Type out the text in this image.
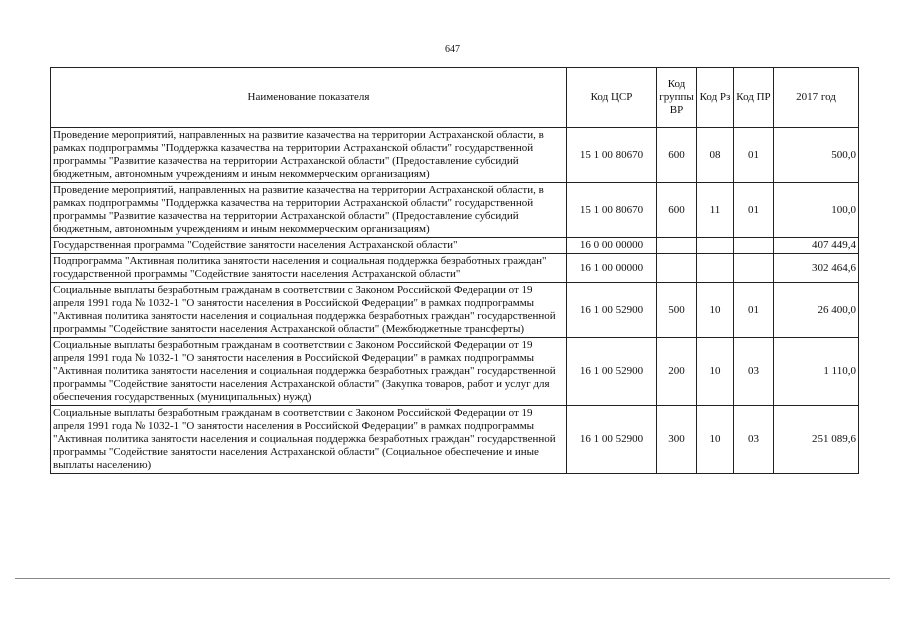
647
Наименование показателя	Код ЦСР	Код группы ВР	Код Рз	Код ПР	2017 год
Проведение мероприятий, направленных на развитие казачества на территории Астраханской области, в рамках подпрограммы "Поддержка казачества на территории Астраханской области" государственной программы "Развитие казачества на территории Астраханской области" (Предоставление субсидий бюджетным, автономным учреждениям и иным некоммерческим организациям)	15 1 00 80670	600	08	01	500,0
Проведение мероприятий, направленных на развитие казачества на территории Астраханской области, в рамках подпрограммы "Поддержка казачества на территории Астраханской области" государственной программы "Развитие казачества на территории Астраханской области" (Предоставление субсидий бюджетным, автономным учреждениям и иным некоммерческим организациям)	15 1 00 80670	600	11	01	100,0
Государственная программа "Содействие занятости населения Астраханской области"	16 0 00 00000				407 449,4
Подпрограмма "Активная политика занятости населения и социальная поддержка безработных граждан" государственной программы "Содействие занятости населения Астраханской области"	16 1 00 00000				302 464,6
Социальные выплаты безработным гражданам в соответствии с Законом Российской Федерации от 19 апреля 1991 года № 1032-1 "О занятости населения в Российской Федерации" в рамках подпрограммы "Активная политика занятости населения и социальная поддержка безработных граждан" государственной программы "Содействие занятости населения Астраханской области" (Межбюджетные трансферты)	16 1 00 52900	500	10	01	26 400,0
Социальные выплаты безработным гражданам в соответствии с Законом Российской Федерации от 19 апреля 1991 года № 1032-1 "О занятости населения в Российской Федерации" в рамках подпрограммы "Активная политика занятости населения и социальная поддержка безработных граждан" государственной программы "Содействие занятости населения Астраханской области" (Закупка товаров, работ и услуг для обеспечения государственных (муниципальных) нужд)	16 1 00 52900	200	10	03	1 110,0
Социальные выплаты безработным гражданам в соответствии с Законом Российской Федерации от 19 апреля 1991 года № 1032-1 "О занятости населения в Российской Федерации" в рамках подпрограммы "Активная политика занятости населения и социальная поддержка безработных граждан" государственной программы "Содействие занятости населения Астраханской области" (Социальное обеспечение и иные выплаты населению)	16 1 00 52900	300	10	03	251 089,6
